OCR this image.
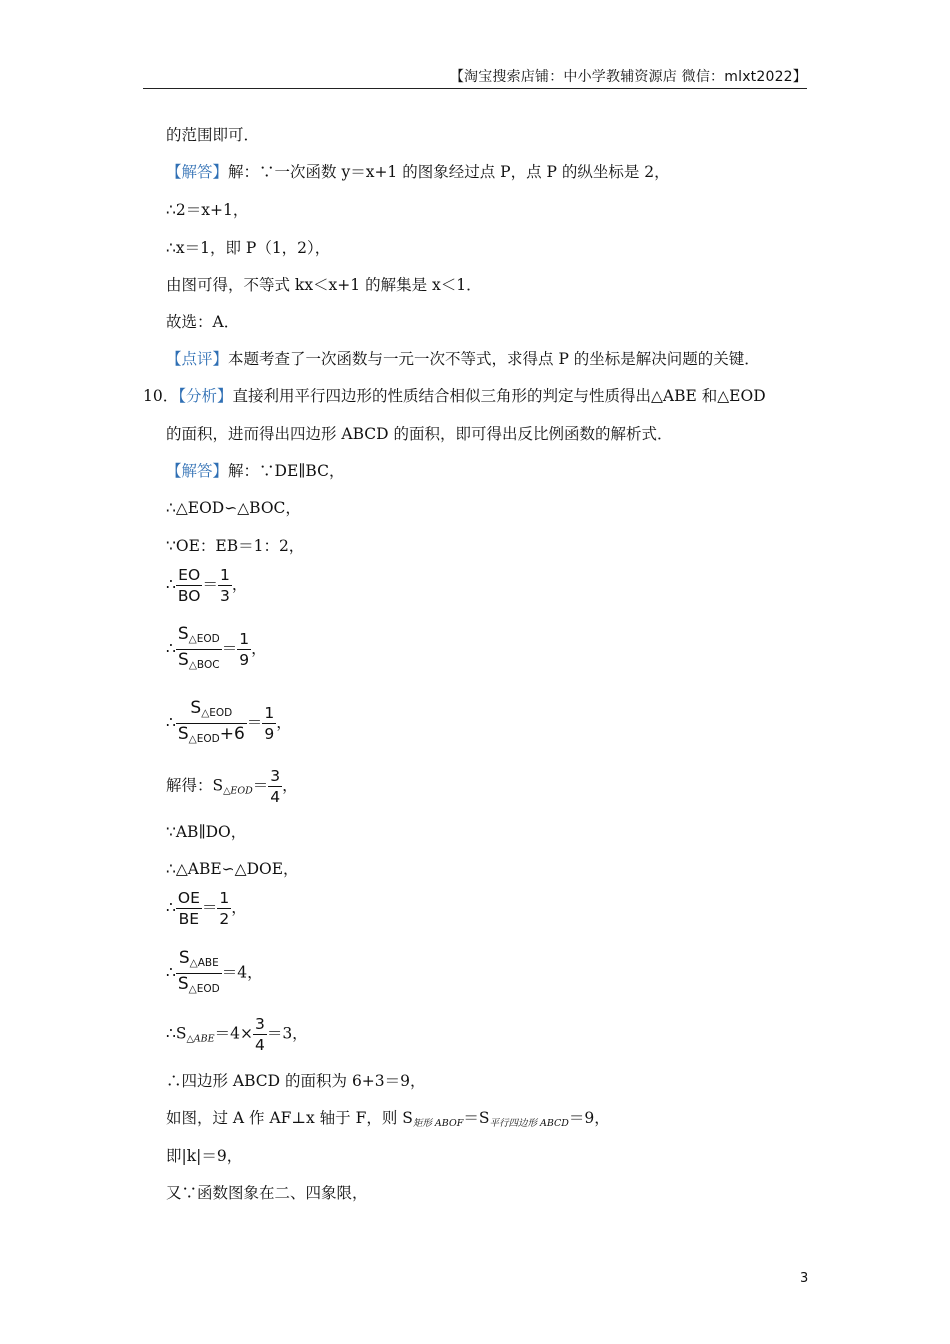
【淘宝搜索店铺：中小学教辅资源店 微信：mlxt2022】
的范围即可．
【解答】解：∵一次函数 y＝x+1 的图象经过点 P，点 P 的纵坐标是 2，
∴2＝x+1，
∴x＝1，即 P（1，2），
由图可得，不等式 kx＜x+1 的解集是 x＜1．
故选：A．
【点评】本题考查了一次函数与一元一次不等式，求得点 P 的坐标是解决问题的关键．
10．【分析】直接利用平行四边形的性质结合相似三角形的判定与性质得出△ABE 和△EOD
的面积，进而得出四边形 ABCD 的面积，即可得出反比例函数的解析式．
【解答】解：∵DE∥BC，
∴△EOD∽△BOC，
∵OE：EB＝1：2，
∴ $\frac{EO}{BO} = \frac{1}{3}$ ，
∴ $\frac{S_{\triangle EOD}}{S_{\triangle BOC}} = \frac{1}{9}$ ，
∴ $\frac{S_{\triangle EOD}}{S_{\triangle EOD}+6} = \frac{1}{9}$ ，
解得：S△EOD＝ $\frac{3}{4}$ ，
∵AB∥DO，
∴△ABE∽△DOE，
∴ $\frac{OE}{BE} = \frac{1}{2}$ ，
∴ $\frac{S_{\triangle ABE}}{S_{\triangle EOD}} =4$，
∴S△ABE＝4× $\frac{3}{4} =3$，
∴四边形 ABCD 的面积为 6+3＝9，
如图，过 A 作 AF⊥x 轴于 F，则 S矩形 ABOF＝S平行四边形 ABCD＝9，
即|k|＝9，
又∵函数图象在二、四象限，
3
